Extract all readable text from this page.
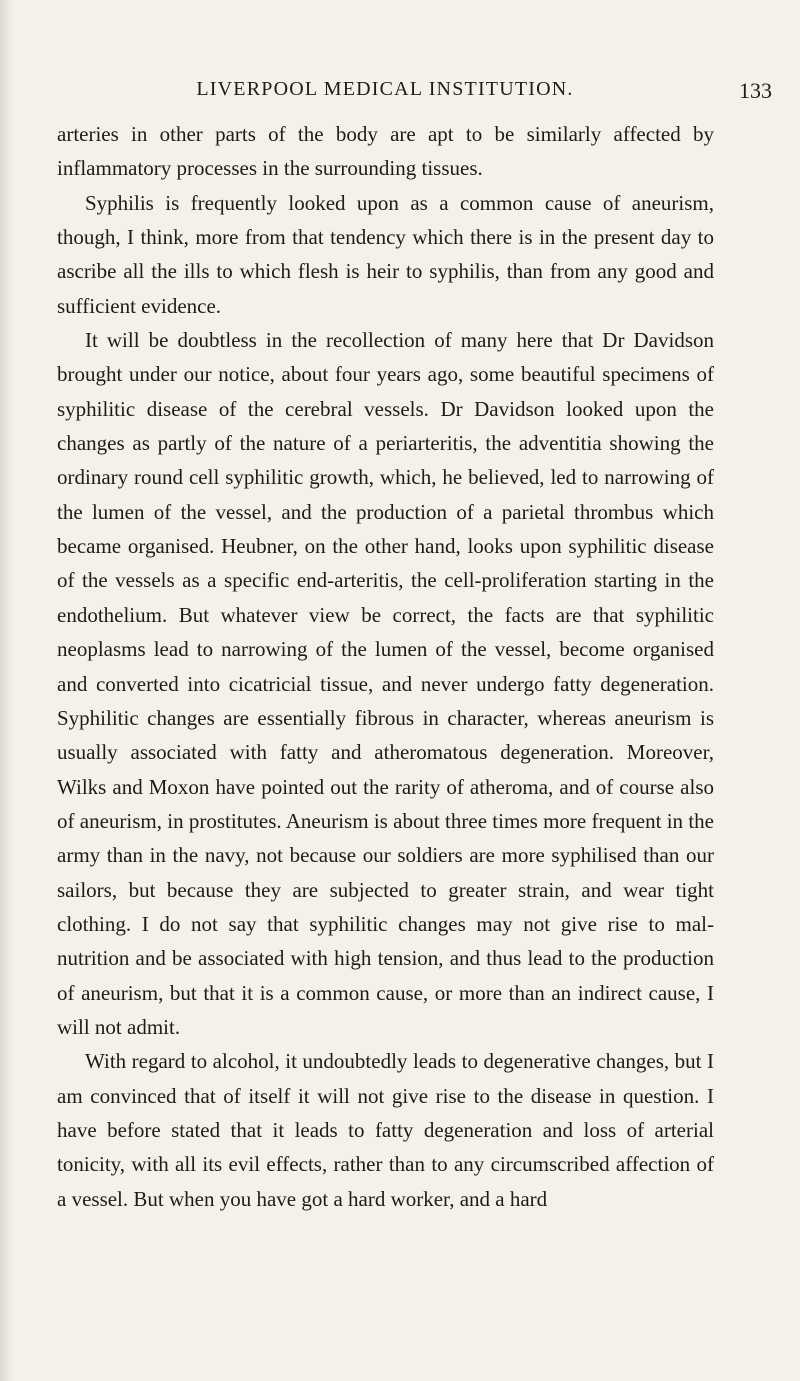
LIVERPOOL MEDICAL INSTITUTION.	133

arteries in other parts of the body are apt to be similarly affected by inflammatory processes in the surrounding tissues.

Syphilis is frequently looked upon as a common cause of aneurism, though, I think, more from that tendency which there is in the present day to ascribe all the ills to which flesh is heir to syphilis, than from any good and sufficient evidence.

It will be doubtless in the recollection of many here that Dr Davidson brought under our notice, about four years ago, some beautiful specimens of syphilitic disease of the cerebral vessels. Dr Davidson looked upon the changes as partly of the nature of a periarteritis, the adventitia showing the ordinary round cell syphilitic growth, which, he believed, led to narrowing of the lumen of the vessel, and the production of a parietal thrombus which became organised. Heubner, on the other hand, looks upon syphilitic disease of the vessels as a specific end-arteritis, the cell-proliferation starting in the endothelium. But whatever view be correct, the facts are that syphilitic neoplasms lead to narrowing of the lumen of the vessel, become organised and converted into cicatricial tissue, and never undergo fatty degeneration. Syphilitic changes are essentially fibrous in character, whereas aneurism is usually associated with fatty and atheromatous degeneration. Moreover, Wilks and Moxon have pointed out the rarity of atheroma, and of course also of aneurism, in prostitutes. Aneurism is about three times more frequent in the army than in the navy, not because our soldiers are more syphilised than our sailors, but because they are subjected to greater strain, and wear tight clothing. I do not say that syphilitic changes may not give rise to mal-nutrition and be associated with high tension, and thus lead to the production of aneurism, but that it is a common cause, or more than an indirect cause, I will not admit.

With regard to alcohol, it undoubtedly leads to degenerative changes, but I am convinced that of itself it will not give rise to the disease in question. I have before stated that it leads to fatty degeneration and loss of arterial tonicity, with all its evil effects, rather than to any circumscribed affection of a vessel. But when you have got a hard worker, and a hard
